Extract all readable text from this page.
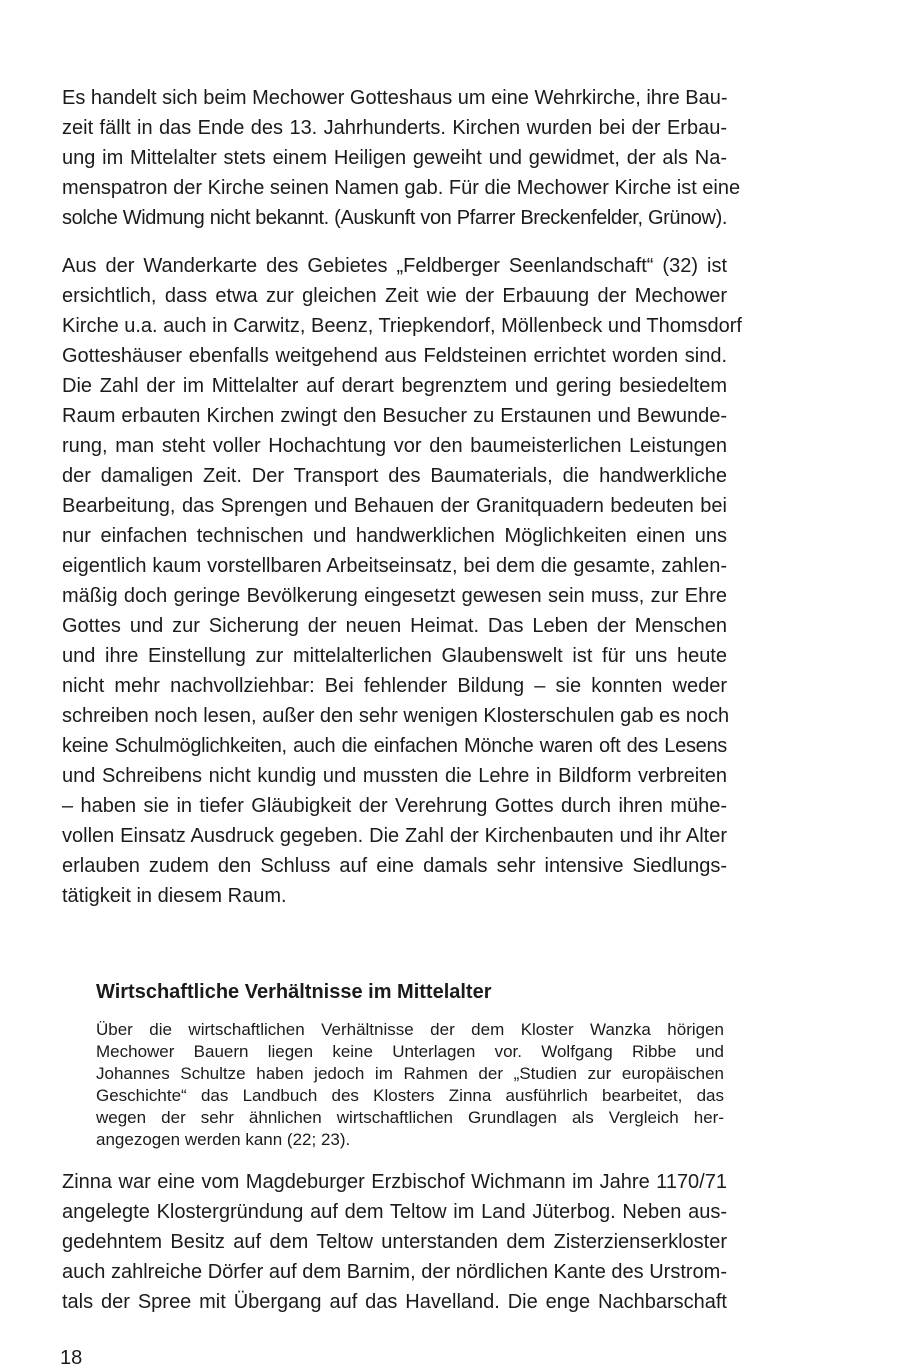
Es handelt sich beim Mechower Gotteshaus um eine Wehrkirche, ihre Bau-
zeit fällt in das Ende des 13. Jahrhunderts. Kirchen wurden bei der Erbau-
ung im Mittelalter stets einem Heiligen geweiht und gewidmet, der als Na-
menspatron der Kirche seinen Namen gab. Für die Mechower Kirche ist eine
solche Widmung nicht bekannt. (Auskunft von Pfarrer Breckenfelder, Grünow).
Aus der Wanderkarte des Gebietes „Feldberger Seenlandschaft“ (32) ist
ersichtlich, dass etwa zur gleichen Zeit wie der Erbauung der Mechower
Kirche u.a. auch in Carwitz, Beenz, Triepkendorf, Möllenbeck und Thomsdorf
Gotteshäuser ebenfalls weitgehend aus Feldsteinen errichtet worden sind.
Die Zahl der im Mittelalter auf derart begrenztem und gering besiedeltem
Raum erbauten Kirchen zwingt den Besucher zu Erstaunen und Bewunde-
rung, man steht voller Hochachtung vor den baumeisterlichen Leistungen
der damaligen Zeit. Der Transport des Baumaterials, die handwerkliche
Bearbeitung, das Sprengen und Behauen der Granitquadern bedeuten bei
nur einfachen technischen und handwerklichen Möglichkeiten einen uns
eigentlich kaum vorstellbaren Arbeitseinsatz, bei dem die gesamte, zahlen-
mäßig doch geringe Bevölkerung eingesetzt gewesen sein muss, zur Ehre
Gottes und zur Sicherung der neuen Heimat. Das Leben der Menschen
und ihre Einstellung zur mittelalterlichen Glaubenswelt ist für uns heute
nicht mehr nachvollziehbar: Bei fehlender Bildung – sie konnten weder
schreiben noch lesen, außer den sehr wenigen Klosterschulen gab es noch
keine Schulmöglichkeiten, auch die einfachen Mönche waren oft des Lesens
und Schreibens nicht kundig und mussten die Lehre in Bildform verbreiten
– haben sie in tiefer Gläubigkeit der Verehrung Gottes durch ihren mühe-
vollen Einsatz Ausdruck gegeben. Die Zahl der Kirchenbauten und ihr Alter
erlauben zudem den Schluss auf eine damals sehr intensive Siedlungs-
tätigkeit in diesem Raum.
Wirtschaftliche Verhältnisse im Mittelalter
Über die wirtschaftlichen Verhältnisse der dem Kloster Wanzka hörigen
Mechower Bauern liegen keine Unterlagen vor. Wolfgang Ribbe und
Johannes Schultze haben jedoch im Rahmen der „Studien zur europäischen
Geschichte“ das Landbuch des Klosters Zinna ausführlich bearbeitet, das
wegen der sehr ähnlichen wirtschaftlichen Grundlagen als Vergleich her-
angezogen werden kann (22; 23).
Zinna war eine vom Magdeburger Erzbischof Wichmann im Jahre 1170/71
angelegte Klostergründung auf dem Teltow im Land Jüterbog. Neben aus-
gedehntem Besitz auf dem Teltow unterstanden dem Zisterzienserkloster
auch zahlreiche Dörfer auf dem Barnim, der nördlichen Kante des Urstrom-
tals der Spree mit Übergang auf das Havelland. Die enge Nachbarschaft
18
